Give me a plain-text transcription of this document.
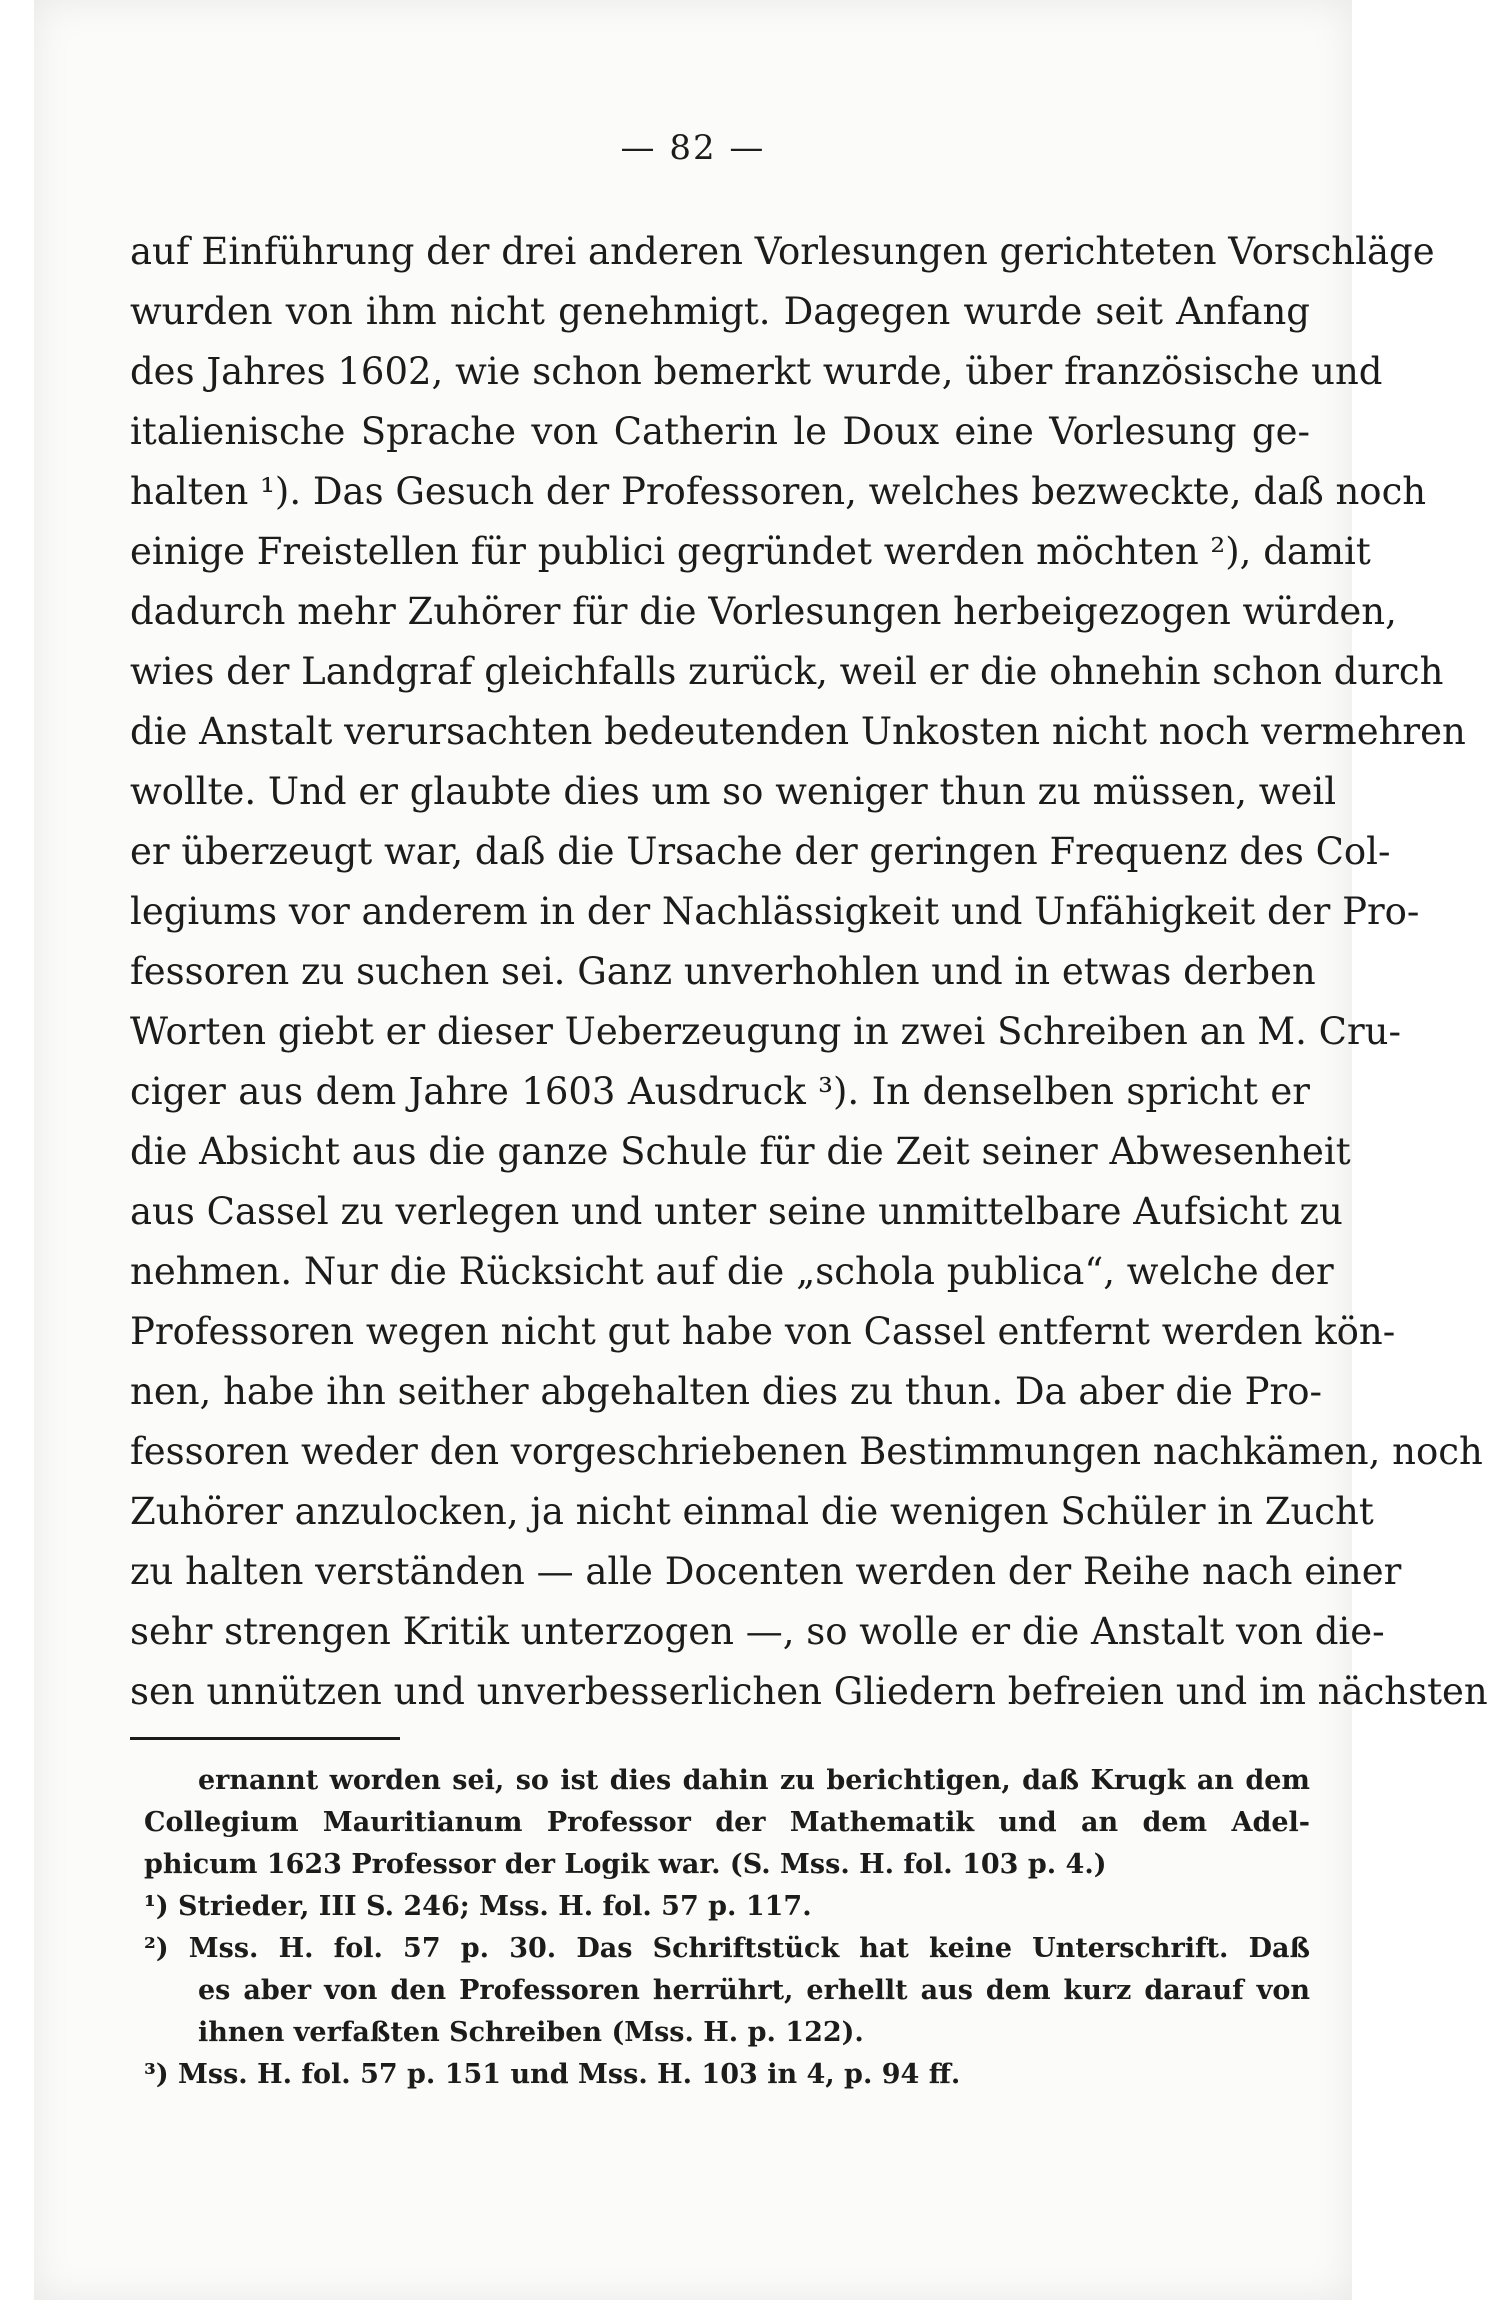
— 82 —
auf Einführung der drei anderen Vorlesungen gerichteten Vorschläge
wurden von ihm nicht genehmigt. Dagegen wurde seit Anfang
des Jahres 1602, wie schon bemerkt wurde, über französische und
italienische Sprache von Catherin le Doux eine Vorlesung ge-
halten ¹). Das Gesuch der Professoren, welches bezweckte, daß noch
einige Freistellen für publici gegründet werden möchten ²), damit
dadurch mehr Zuhörer für die Vorlesungen herbeigezogen würden,
wies der Landgraf gleichfalls zurück, weil er die ohnehin schon durch
die Anstalt verursachten bedeutenden Unkosten nicht noch vermehren
wollte. Und er glaubte dies um so weniger thun zu müssen, weil
er überzeugt war, daß die Ursache der geringen Frequenz des Col-
legiums vor anderem in der Nachlässigkeit und Unfähigkeit der Pro-
fessoren zu suchen sei. Ganz unverhohlen und in etwas derben
Worten giebt er dieser Ueberzeugung in zwei Schreiben an M. Cru-
ciger aus dem Jahre 1603 Ausdruck ³). In denselben spricht er
die Absicht aus die ganze Schule für die Zeit seiner Abwesenheit
aus Cassel zu verlegen und unter seine unmittelbare Aufsicht zu
nehmen. Nur die Rücksicht auf die „schola publica“, welche der
Professoren wegen nicht gut habe von Cassel entfernt werden kön-
nen, habe ihn seither abgehalten dies zu thun. Da aber die Pro-
fessoren weder den vorgeschriebenen Bestimmungen nachkämen, noch
Zuhörer anzulocken, ja nicht einmal die wenigen Schüler in Zucht
zu halten verständen — alle Docenten werden der Reihe nach einer
sehr strengen Kritik unterzogen —, so wolle er die Anstalt von die-
sen unnützen und unverbesserlichen Gliedern befreien und im nächsten
ernannt worden sei, so ist dies dahin zu berichtigen, daß Krugk an dem
Collegium Mauritianum Professor der Mathematik und an dem Adel-
phicum 1623 Professor der Logik war. (S. Mss. H. fol. 103 p. 4.)
¹) Strieder, III S. 246; Mss. H. fol. 57 p. 117.
²) Mss. H. fol. 57 p. 30. Das Schriftstück hat keine Unterschrift. Daß
es aber von den Professoren herrührt, erhellt aus dem kurz darauf von
ihnen verfaßten Schreiben (Mss. H. p. 122).
³) Mss. H. fol. 57 p. 151 und Mss. H. 103 in 4, p. 94 ff.
